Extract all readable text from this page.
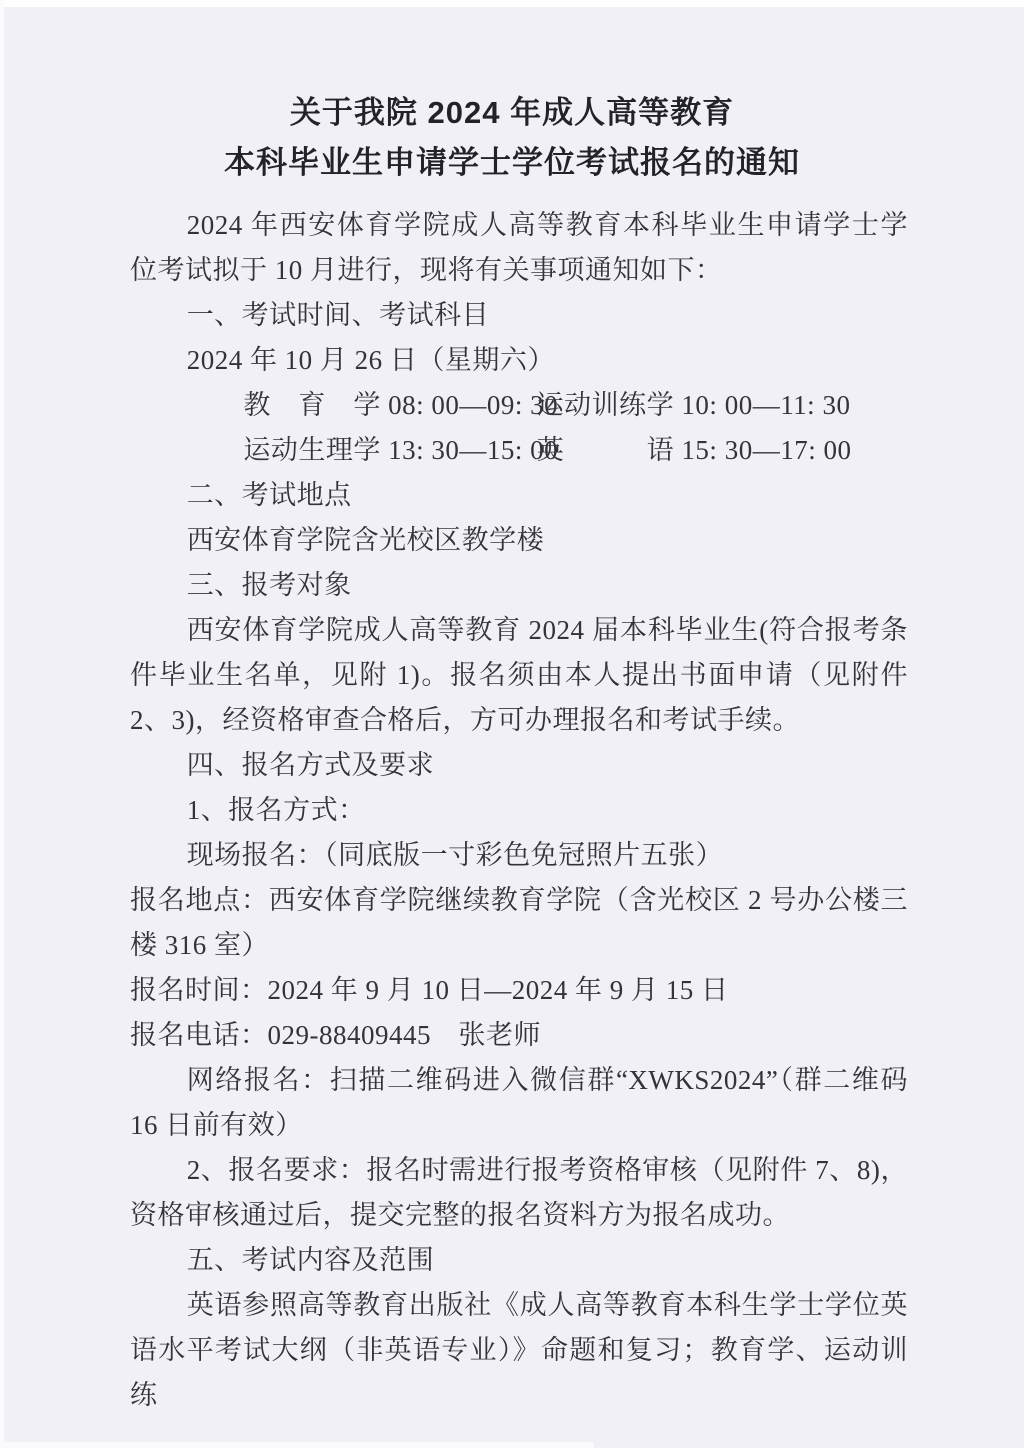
关于我院 2024 年成人高等教育
本科毕业生申请学士学位考试报名的通知

2024 年西安体育学院成人高等教育本科毕业生申请学士学位考试拟于 10 月进行，现将有关事项通知如下：

一、考试时间、考试科目

2024 年 10 月 26 日（星期六）

教　育　学 08: 00—09: 30运动训练学 10: 00—11: 30

运动生理学 13: 30—15: 00英　　　语 15: 30—17: 00

二、考试地点

西安体育学院含光校区教学楼

三、报考对象

西安体育学院成人高等教育 2024 届本科毕业生(符合报考条件毕业生名单，见附 1)。报名须由本人提出书面申请（见附件 2、3)，经资格审查合格后，方可办理报名和考试手续。

四、报名方式及要求

1、报名方式：

现场报名：（同底版一寸彩色免冠照片五张）

报名地点：西安体育学院继续教育学院（含光校区 2 号办公楼三楼 316 室）

报名时间：2024 年 9 月 10 日—2024 年 9 月 15 日

报名电话：029-88409445　张老师

网络报名：扫描二维码进入微信群“XWKS2024”（群二维码 16 日前有效）

2、报名要求：报名时需进行报考资格审核（见附件 7、8)，资格审核通过后，提交完整的报名资料方为报名成功。

五、考试内容及范围

英语参照高等教育出版社《成人高等教育本科生学士学位英语水平考试大纲（非英语专业）》命题和复习；教育学、运动训练
